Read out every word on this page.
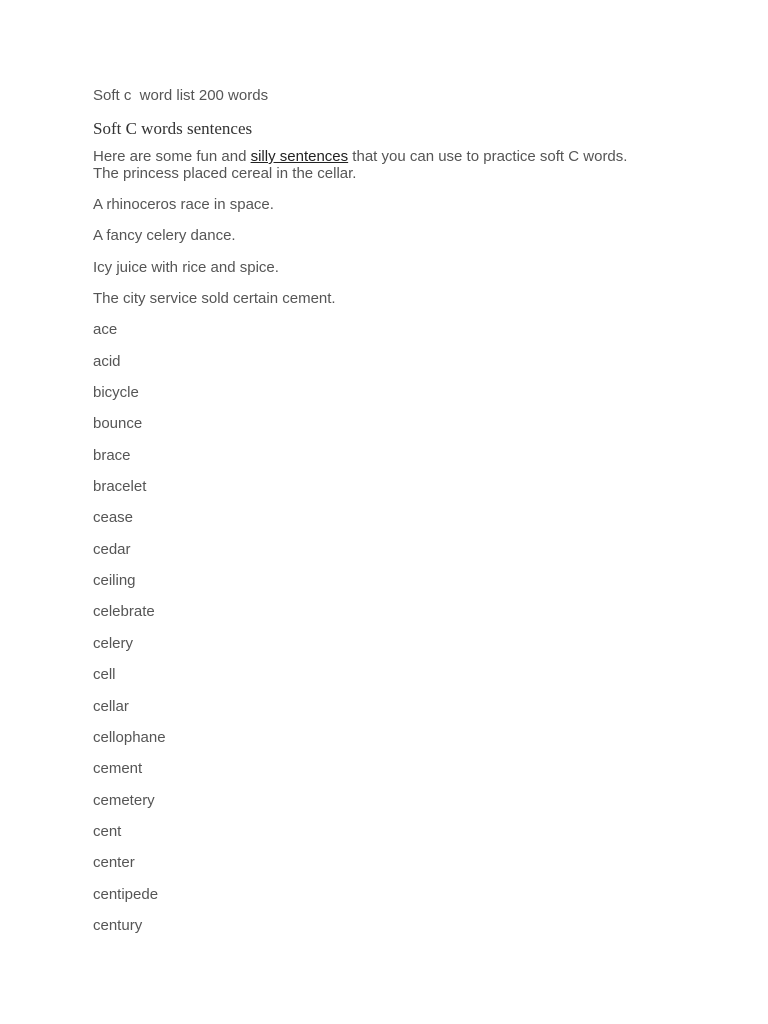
Soft c  word list 200 words
Soft C words sentences
Here are some fun and silly sentences that you can use to practice soft C words.
The princess placed cereal in the cellar.
A rhinoceros race in space.
A fancy celery dance.
Icy juice with rice and spice.
The city service sold certain cement.
ace
acid
bicycle
bounce
brace
bracelet
cease
cedar
ceiling
celebrate
celery
cell
cellar
cellophane
cement
cemetery
cent
center
centipede
century
